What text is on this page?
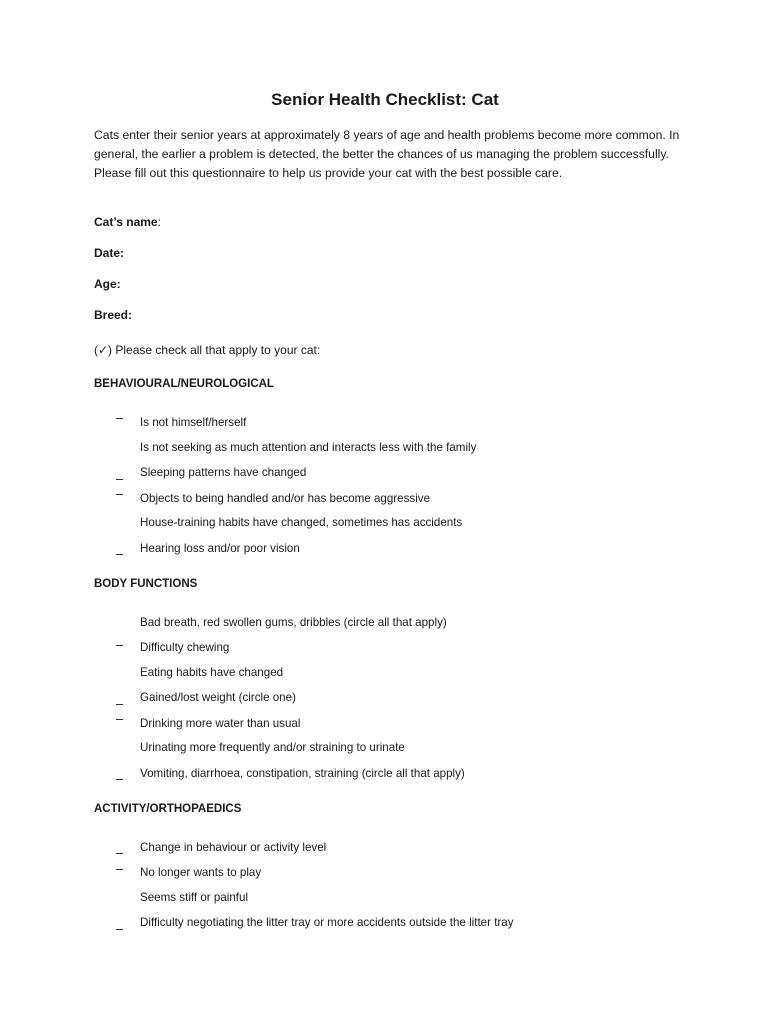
Senior Health Checklist: Cat

Cats enter their senior years at approximately 8 years of age and health problems become more common. In general, the earlier a problem is detected, the better the chances of us managing the problem successfully. Please fill out this questionnaire to help us provide your cat with the best possible care.

Cat’s name:
Date:
Age:
Breed:
(✓) Please check all that apply to your cat:
BEHAVIOURAL/NEUROLOGICAL
Is not himself/herself
Is not seeking as much attention and interacts less with the family
Sleeping patterns have changed
Objects to being handled and/or has become aggressive
House-training habits have changed, sometimes has accidents
Hearing loss and/or poor vision
BODY FUNCTIONS
Bad breath, red swollen gums, dribbles (circle all that apply)
Difficulty chewing
Eating habits have changed
Gained/lost weight (circle one)
Drinking more water than usual
Urinating more frequently and/or straining to urinate
Vomiting, diarrhoea, constipation, straining (circle all that apply)
ACTIVITY/ORTHOPAEDICS
Change in behaviour or activity level
No longer wants to play
Seems stiff or painful
Difficulty negotiating the litter tray or more accidents outside the litter tray
